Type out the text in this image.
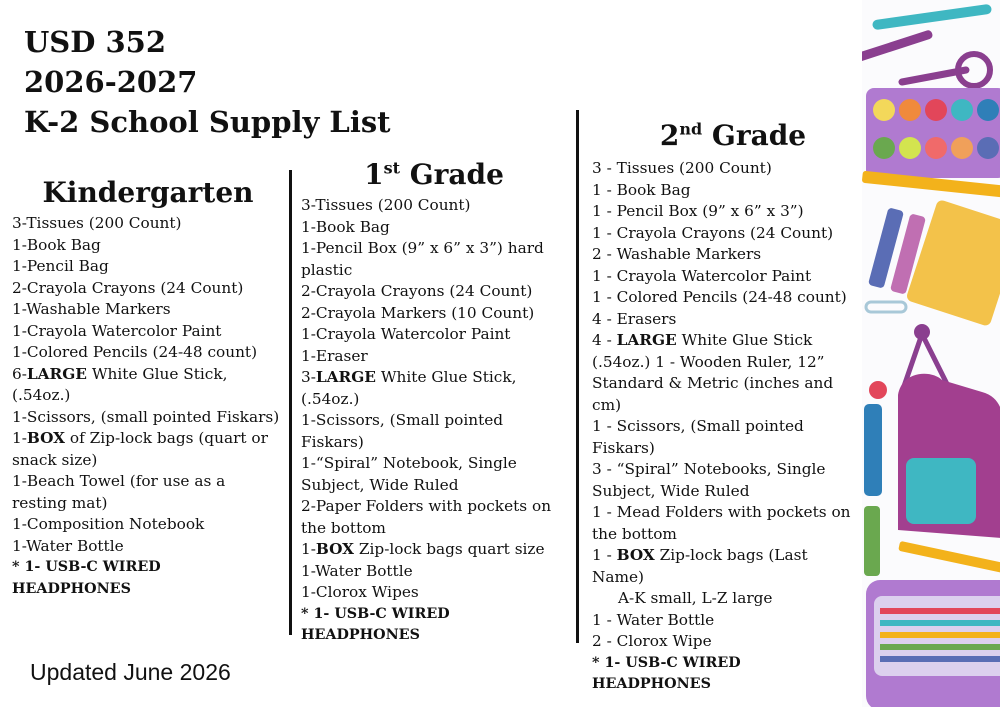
USD 352
2026-2027
K-2 School Supply List
Kindergarten
3-Tissues (200 Count)
1-Book Bag
1-Pencil Bag
2-Crayola Crayons (24 Count)
1-Washable Markers
1-Crayola Watercolor Paint
1-Colored Pencils (24-48 count)
6-LARGE White Glue Stick, (.54oz.)
1-Scissors, (small pointed Fiskars)
1-BOX of Zip-lock bags (quart or snack size)
1-Beach Towel (for use as a resting mat)
1-Composition Notebook
1-Water Bottle
* 1- USB-C WIRED HEADPHONES
1st Grade
3-Tissues (200 Count)
1-Book Bag
1-Pencil Box (9” x 6” x 3”) hard plastic
2-Crayola Crayons (24 Count)
2-Crayola Markers (10 Count)
1-Crayola Watercolor Paint
1-Eraser
3-LARGE White Glue Stick, (.54oz.)
1-Scissors, (Small pointed Fiskars)
1-“Spiral” Notebook, Single Subject, Wide Ruled
2-Paper Folders with pockets on the bottom
1-BOX Zip-lock bags quart size
1-Water Bottle
1-Clorox Wipes
* 1- USB-C WIRED HEADPHONES
2nd Grade
3 - Tissues (200 Count)
1 - Book Bag
1 - Pencil Box (9” x 6” x 3”)
1 - Crayola Crayons (24 Count)
2 - Washable Markers
1 - Crayola Watercolor Paint
1 - Colored Pencils (24-48 count)
4 - Erasers
4 - LARGE White Glue Stick (.54oz.) 1 - Wooden Ruler, 12” Standard & Metric (inches and cm)
1 - Scissors, (Small pointed Fiskars)
3 - “Spiral” Notebooks, Single Subject, Wide Ruled
1 - Mead Folders with pockets on the bottom
1 - BOX Zip-lock bags (Last Name)
A-K small, L-Z large
1 - Water Bottle
2 - Clorox Wipe
* 1- USB-C WIRED HEADPHONES
Updated June 2026
